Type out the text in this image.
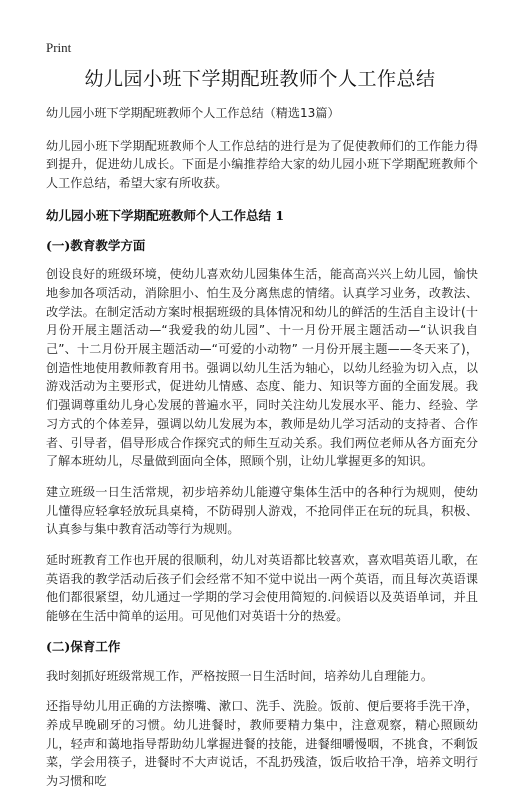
Print
幼儿园小班下学期配班教师个人工作总结

幼儿园小班下学期配班教师个人工作总结（精选13篇）

幼儿园小班下学期配班教师个人工作总结的进行是为了促使教师们的工作能力得到提升，促进幼儿成长。下面是小编推荐给大家的幼儿园小班下学期配班教师个人工作总结，希望大家有所收获。

幼儿园小班下学期配班教师个人工作总结 1

(一)教育教学方面

创设良好的班级环境，使幼儿喜欢幼儿园集体生活，能高高兴兴上幼儿园，愉快地参加各项活动，消除胆小、怕生及分离焦虑的情绪。认真学习业务，改教法、改学法。在制定活动方案时根据班级的具体情况和幼儿的鲜活的生活自主设计(十月份开展主题活动—“我爱我的幼儿园”、十一月份开展主题活动—“认识我自己”、十二月份开展主题活动—“可爱的小动物” 一月份开展主题——冬天来了)，创造性地使用教师教育用书。强调以幼儿生活为轴心，以幼儿经验为切入点，以游戏活动为主要形式，促进幼儿情感、态度、能力、知识等方面的全面发展。我们强调尊重幼儿身心发展的普遍水平，同时关注幼儿发展水平、能力、经验、学习方式的个体差异，强调以幼儿发展为本，教师是幼儿学习活动的支持者、合作者、引导者，倡导形成合作探究式的师生互动关系。我们两位老师从各方面充分了解本班幼儿，尽量做到面向全体，照顾个别，让幼儿掌握更多的知识。

建立班级一日生活常规，初步培养幼儿能遵守集体生活中的各种行为规则，使幼儿懂得应轻拿轻放玩具桌椅，不防碍别人游戏，不抢同伴正在玩的玩具，积极、认真参与集中教育活动等行为规则。

延时班教育工作也开展的很顺利，幼儿对英语都比较喜欢，喜欢唱英语儿歌，在英语我的教学活动后孩子们会经常不知不觉中说出一两个英语，而且每次英语课他们都很紧望，幼儿通过一学期的学习会使用简短的.问候语以及英语单词，并且能够在生活中简单的运用。可见他们对英语十分的热爱。

(二)保育工作

我时刻抓好班级常规工作，严格按照一日生活时间，培养幼儿自理能力。

还指导幼儿用正确的方法擦嘴、漱口、洗手、洗脸。饭前、便后要将手洗干净，养成早晚刷牙的习惯。幼儿进餐时，教师要精力集中，注意观察，精心照顾幼儿，轻声和蔼地指导帮助幼儿掌握进餐的技能，进餐细嚼慢咽，不挑食，不剩饭菜，学会用筷子，进餐时不大声说话，不乱扔残渣，饭后收拾干净，培养文明行为习惯和吃
